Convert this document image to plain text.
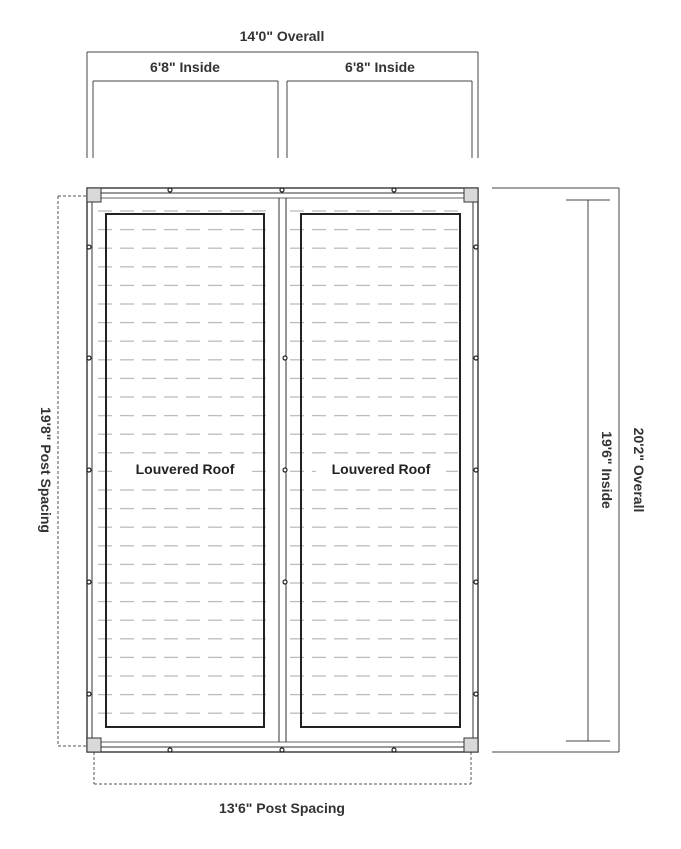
14'0" Overall
6'8" Inside	6'8" Inside
19'8" Post Spacing	19'6" Inside 20'2" Overall
13'6" Post Spacing
Louvered Roof	Louvered Roof
